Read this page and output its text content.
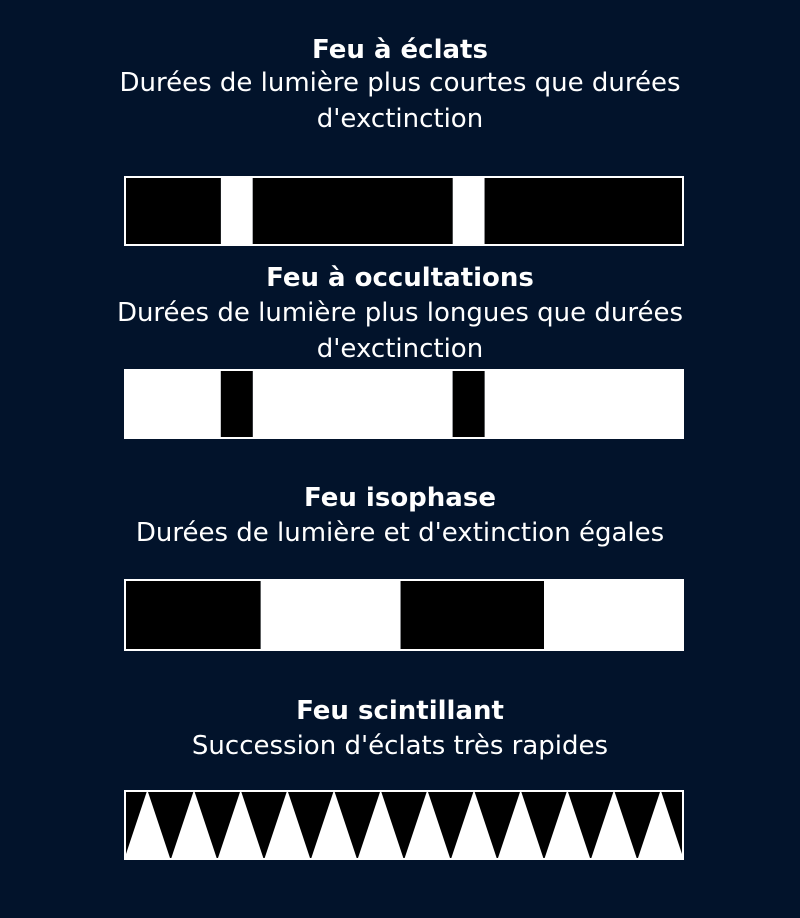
Feu à éclats
Durées de lumière plus courtes que durées
d'exctinction
Feu à occultations
Durées de lumière plus longues que durées
d'exctinction
Feu isophase
Durées de lumière et d'extinction égales
Feu scintillant
Succession d'éclats très rapides
